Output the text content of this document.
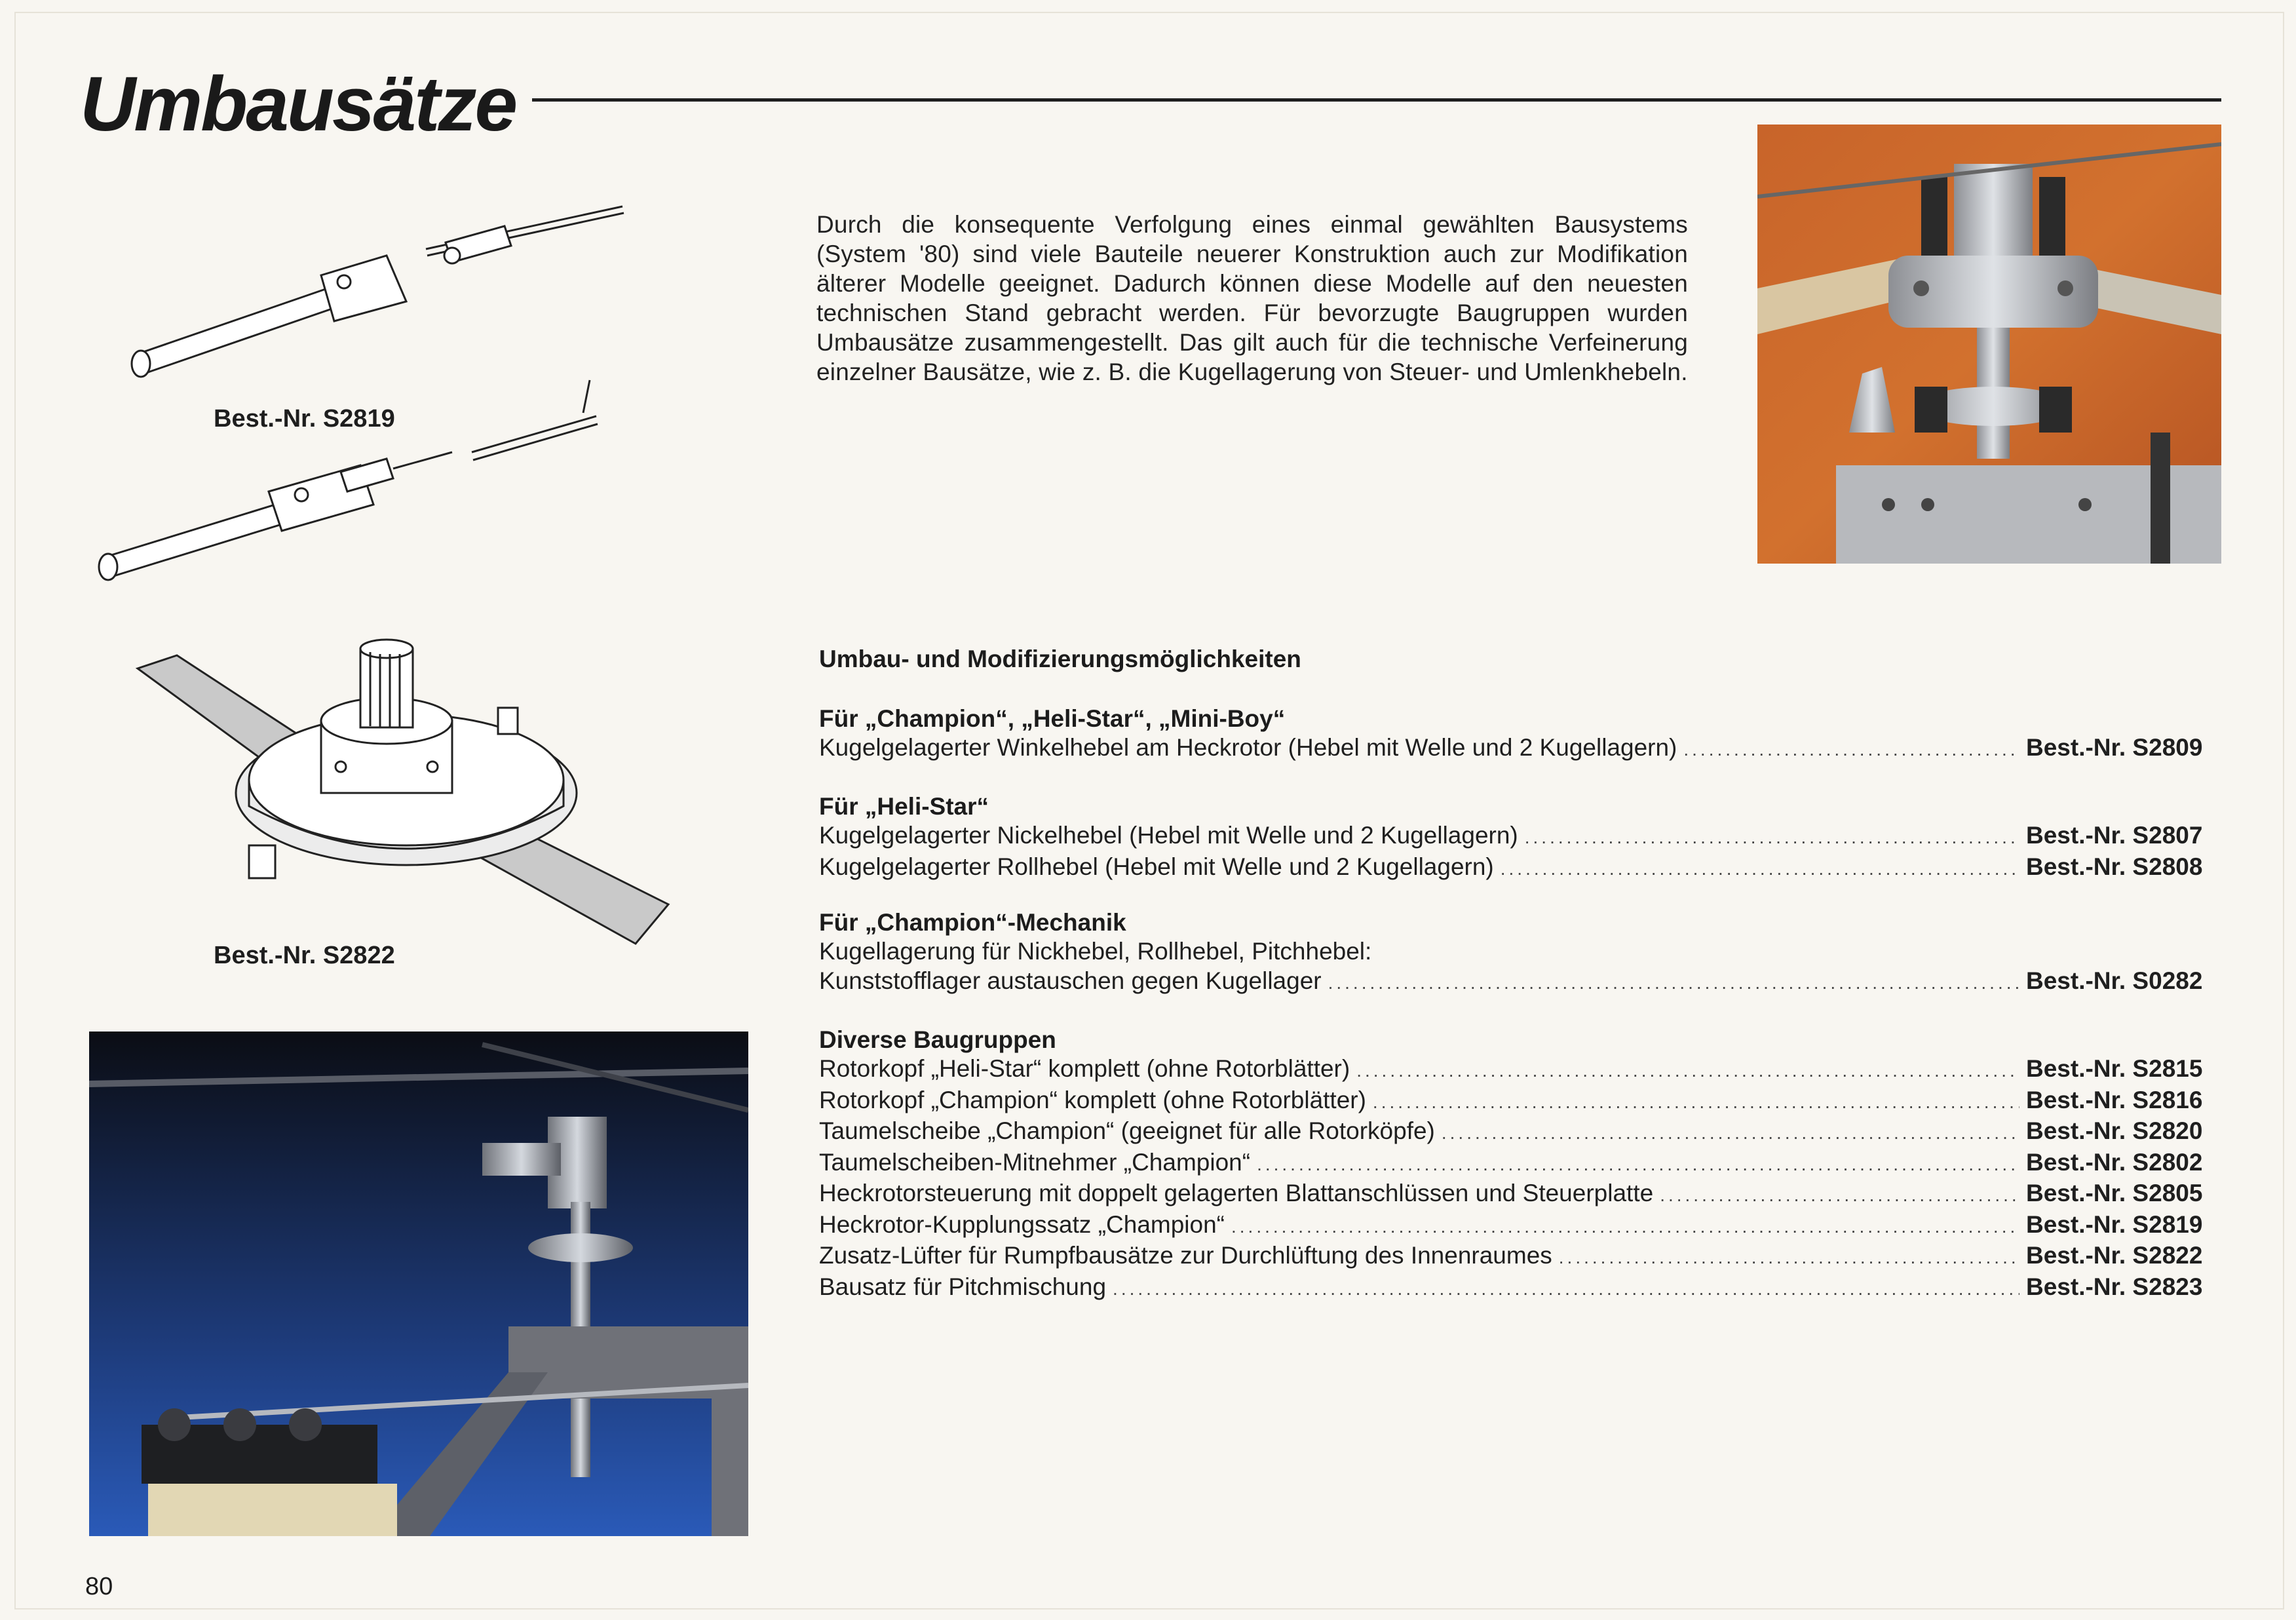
Umbausätze
Durch die konsequente Verfolgung eines einmal gewählten Bausystems (System '80) sind viele Bauteile neuerer Konstruktion auch zur Modifikation älterer Modelle geeignet. Dadurch können diese Modelle auf den neuesten technischen Stand gebracht werden. Für bevorzugte Baugruppen wurden Umbausätze zusammengestellt. Das gilt auch für die technische Verfeinerung einzelner Bausätze, wie z. B. die Kugellagerung von Steuer- und Umlenkhebeln.
Best.-Nr. S2819
Best.-Nr. S2822
Umbau- und Modifizierungsmöglichkeiten
Für „Champion“, „Heli-Star“, „Mini-Boy“
Kugelgelagerter Winkelhebel am Heckrotor (Hebel mit Welle und 2 Kugellagern) .....	Best.-Nr. S2809
Für „Heli-Star“
Kugelgelagerter Nickelhebel (Hebel mit Welle und 2 Kugellagern) .....	Best.-Nr. S2807
Kugelgelagerter Rollhebel (Hebel mit Welle und 2 Kugellagern) .....	Best.-Nr. S2808
Für „Champion“-Mechanik
Kugellagerung für Nickhebel, Rollhebel, Pitchhebel:
Kunststofflager austauschen gegen Kugellager .....	Best.-Nr. S0282
Diverse Baugruppen
Rotorkopf „Heli-Star“ komplett (ohne Rotorblätter) .....	Best.-Nr. S2815
Rotorkopf „Champion“ komplett (ohne Rotorblätter) .....	Best.-Nr. S2816
Taumelscheibe „Champion“ (geeignet für alle Rotorköpfe) .....	Best.-Nr. S2820
Taumelscheiben-Mitnehmer „Champion“ .....	Best.-Nr. S2802
Heckrotorsteuerung mit doppelt gelagerten Blattanschlüssen und Steuerplatte .....	Best.-Nr. S2805
Heckrotor-Kupplungssatz „Champion“ .....	Best.-Nr. S2819
Zusatz-Lüfter für Rumpfbausätze zur Durchlüftung des Innenraumes .....	Best.-Nr. S2822
Bausatz für Pitchmischung .....	Best.-Nr. S2823
80
